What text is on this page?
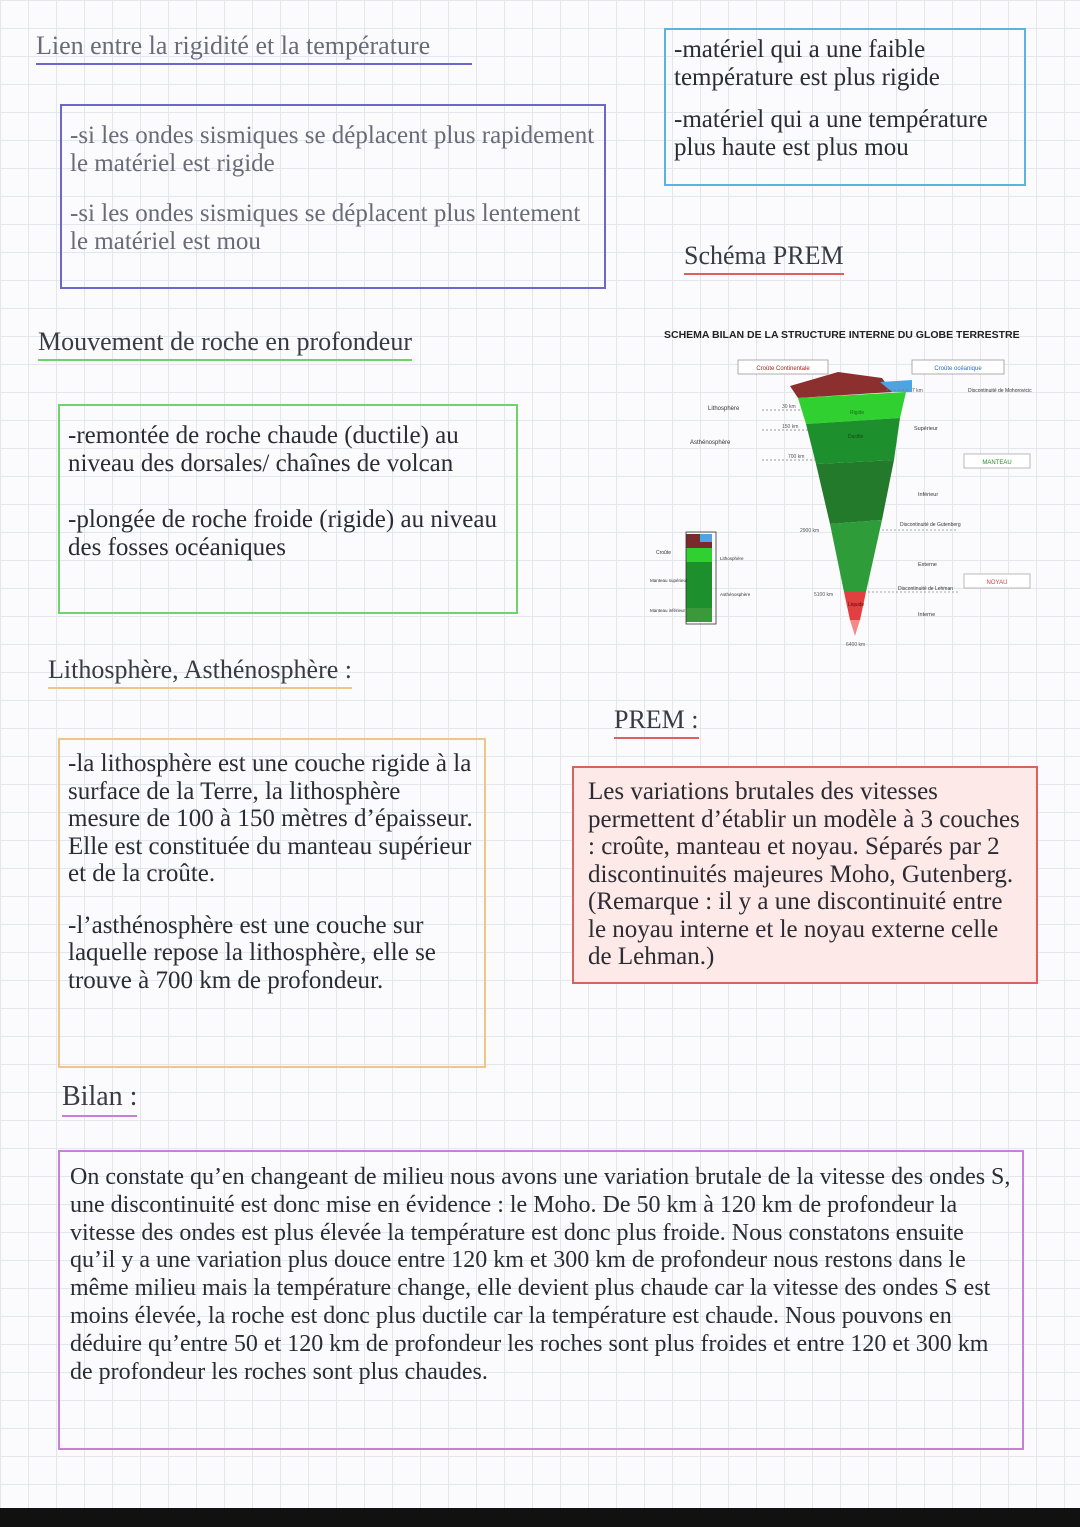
Lien entre la rigidité et la température
Mouvement de roche en profondeur
Lithosphère, Asthénosphère :
Schéma PREM
PREM :
Bilan :

-si les ondes sismiques se déplacent plus rapidement le matériel est rigide

-si les ondes sismiques se déplacent plus lentement le matériel est mou

-matériel qui a une faible température est plus rigide

-matériel qui a une température plus haute est plus mou

-remontée de roche chaude (ductile) au niveau des dorsales/ chaînes de volcan

-plongée de roche froide (rigide) au niveau des fosses océaniques

-la lithosphère est une couche rigide à la surface de la Terre, la lithosphère mesure de 100 à 150 mètres d’épaisseur. Elle est constituée du manteau supérieur et de la croûte.

-l’asthénosphère est une couche sur laquelle repose la lithosphère, elle se trouve à 700 km de profondeur.

Les variations brutales des vitesses permettent d’établir un modèle à 3 couches : croûte, manteau et noyau. Séparés par 2 discontinuités majeures Moho, Gutenberg. (Remarque : il y a une discontinuité entre le noyau interne et le noyau externe celle de Lehman.)

On constate qu’en changeant de milieu nous avons une variation brutale de la vitesse des ondes S, une discontinuité est donc mise en évidence : le Moho. De 50 km à 120 km de profondeur la vitesse des ondes est plus élevée la température est donc plus froide. Nous constatons ensuite qu’il y a une variation plus douce entre 120 km et 300 km de profondeur nous restons dans le même milieu mais la température change, elle devient plus chaude car la vitesse des ondes S est moins élevée, la roche est donc plus ductile car la température est chaude. Nous pouvons en déduire qu’entre 50 et 120 km de profondeur les roches sont plus froides et entre 120 et 300 km de profondeur les roches sont plus chaudes.

SCHEMA BILAN DE LA STRUCTURE INTERNE DU GLOBE TERRESTRE
Croûte Continentale	Croûte océanique
Lithosphère
Asthénosphère
30 km
150 km
700 km
2900 km
5100 km
6400 km
7 km
Rigide
Ductile
Liquide
Discontinuité de Mohorovicic
Supérieur
MANTEAU
Inférieur
Discontinuité de Gutenberg
Externe
NOYAU
Discontinuité de Lehman
Interne
Croûte
Manteau supérieur
Manteau inférieur
Lithosphère
Asthénosphère
